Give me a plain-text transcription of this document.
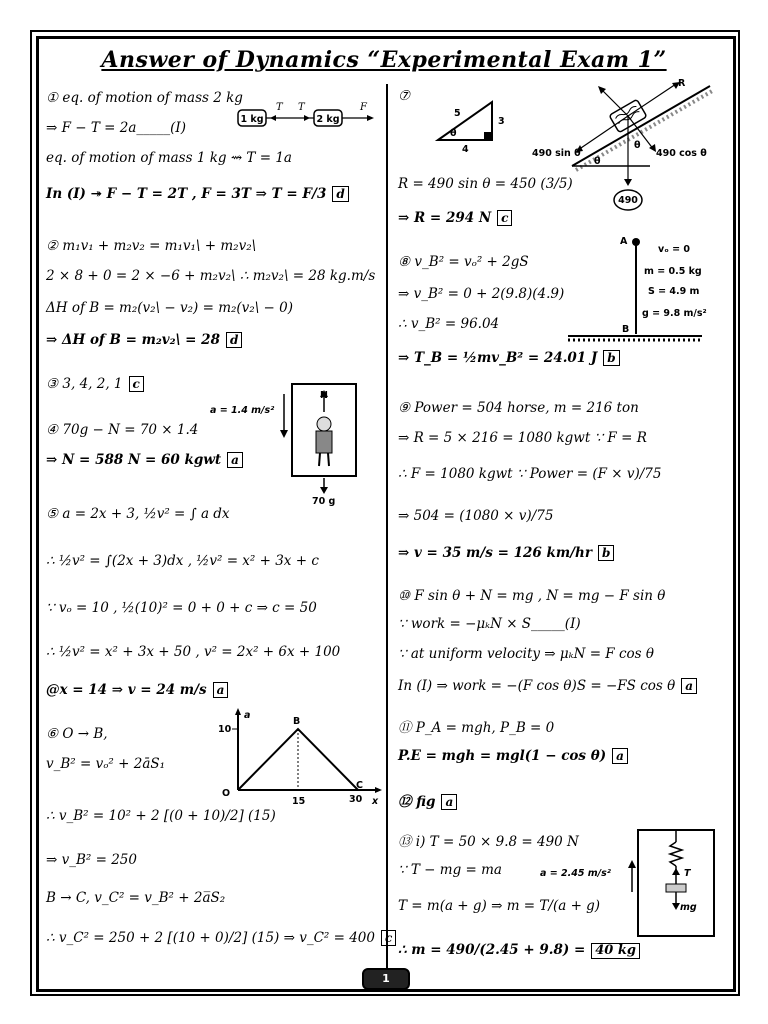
Answer of Dynamics “Experimental Exam 1”
① eq. of motion of mass 2 kg
⇒ F − T = 2a_____(I)
eq. of motion of mass 1 kg ⇝ T = 1a
In (I) ↠ F − T = 2T , F = 3T ⇒ T = F/3 d
1 kg
T T
2 kg
F
② m₁v₁ + m₂v₂ = m₁v₁\ + m₂v₂\
2 × 8 + 0 = 2 × −6 + m₂v₂\ ∴ m₂v₂\ = 28 kg.m/s
ΔH of B = m₂(v₂\ − v₂) = m₂(v₂\ − 0)
⇒ ΔH of B = m₂v₂\ = 28 d
③ 3, 4, 2, 1 c
④ 70g − N = 70 × 1.4
⇒ N = 588 N = 60 kgwt a
a = 1.4 m/s²
N
70 g
⑤ a = 2x + 3, ½v² = ∫ a dx
∴ ½v² = ∫(2x + 3)dx , ½v² = x² + 3x + c
∵ vₒ = 10 , ½(10)² = 0 + 0 + c ⇒ c = 50
∴ ½v² = x² + 3x + 50 , v² = 2x² + 6x + 100
@x = 14 ⇒ v = 24 m/s a
⑥ O → B,
v_B² = vₒ² + 2āS₁
∴ v_B² = 10² + 2 [(0 + 10)/2] (15)
⇒ v_B² = 250
B → C, v_C² = v_B² + 2a̅S₂
∴ v_C² = 250 + 2 [(10 + 0)/2] (15) ⇒ v_C² = 400 c
a
x
O
10
15	30
B
C
⑦
5
3
4
θ
θ
R
490 sin θ	490 cos θ
θ
490
R = 490 sin θ = 450 (3/5)
⇒ R = 294 N c
⑧ v_B² = vₒ² + 2gS
⇒ v_B² = 0 + 2(9.8)(4.9)
∴ v_B² = 96.04
⇒ T_B = ½mv_B² = 24.01 J b
A
B
vₒ = 0
m = 0.5 kg
S = 4.9 m
g = 9.8 m/s²
⑨ Power = 504 horse, m = 216 ton
⇒ R = 5 × 216 = 1080 kgwt ∵ F = R
∴ F = 1080 kgwt ∵ Power = (F × v)/75
⇒ 504 = (1080 × v)/75
⇒ v = 35 m/s = 126 km/hr b
⑩ F sin θ + N = mg , N = mg − F sin θ
∵ work = −μₖN × S_____(I)
∵ at uniform velocity ⇒ μₖN = F cos θ
In (I) ⇒ work = −(F cos θ)S = −FS cos θ a
⑪ P_A = mgh, P_B = 0
P.E = mgh = mgl(1 − cos θ) a
⑫ fig a
⑬ i) T = 50 × 9.8 = 490 N
∵ T − mg = ma
T = m(a + g) ⇒ m = T/(a + g)
∴ m = 490/(2.45 + 9.8) = 40 kg
a = 2.45 m/s²	T
mg
1
